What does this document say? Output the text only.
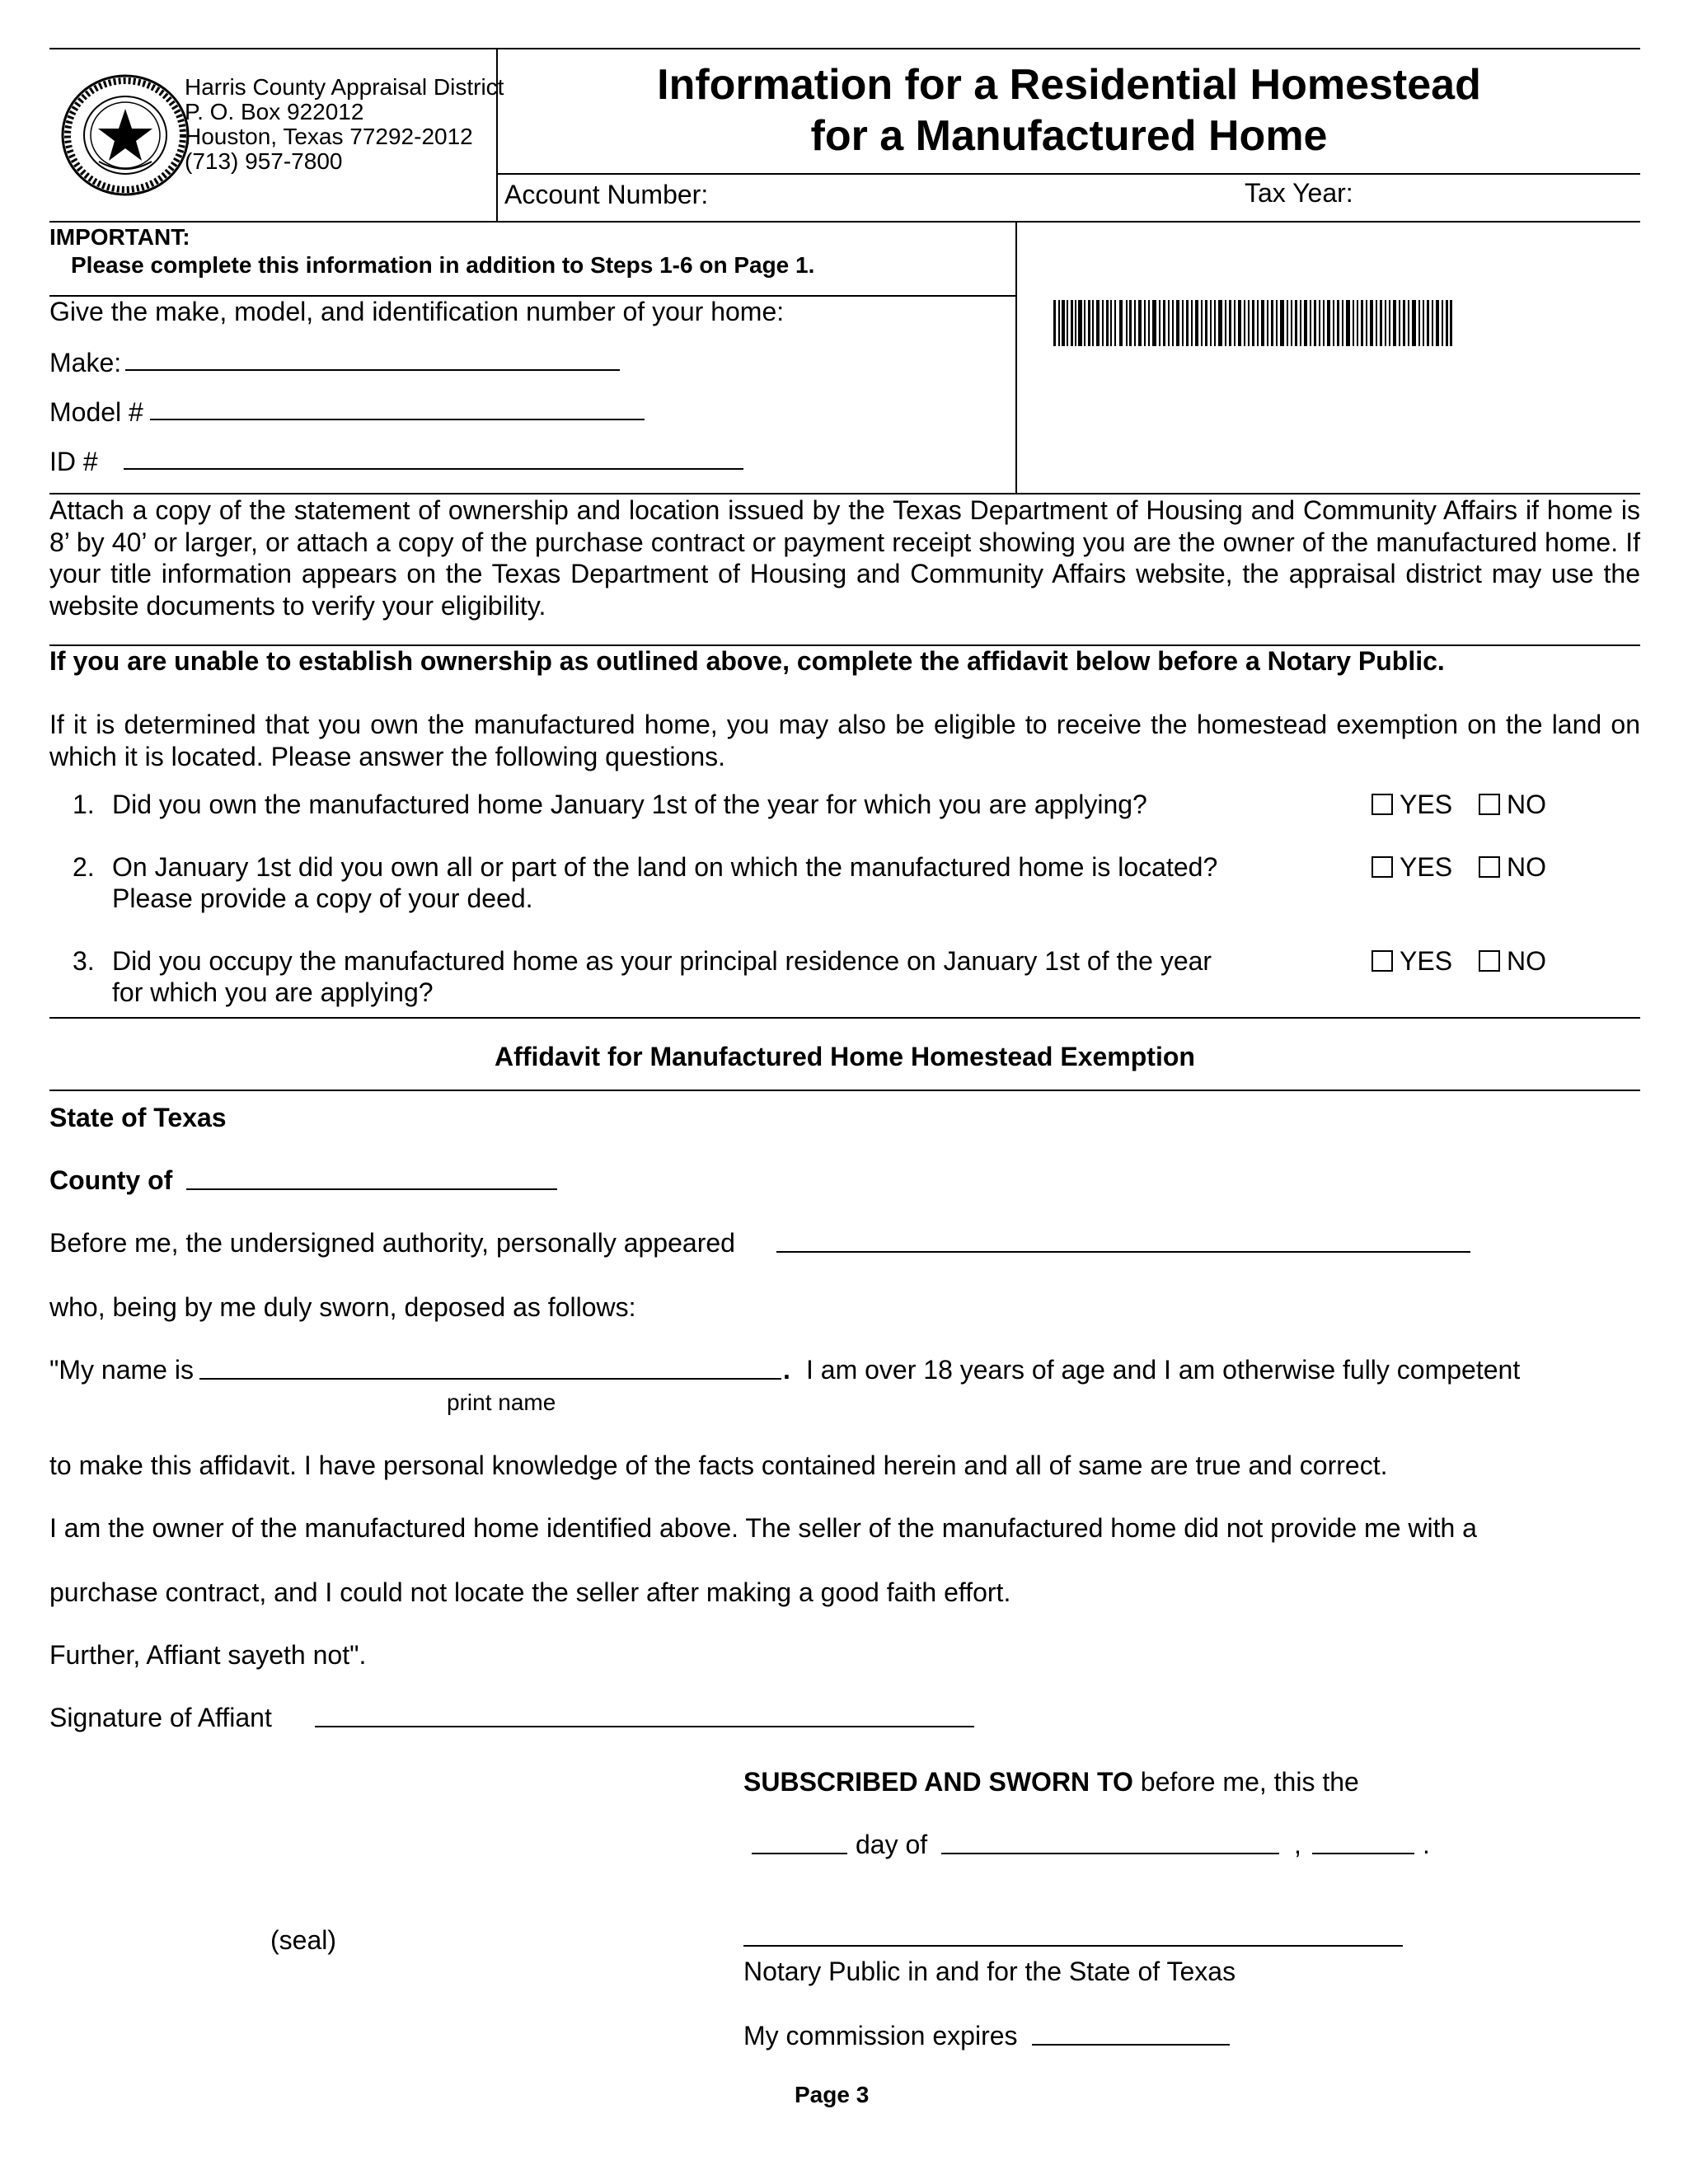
Harris County Appraisal District
P. O. Box 922012
Houston, Texas 77292-2012
(713) 957-7800
Information for a Residential Homestead
for a Manufactured Home
Account Number:	Tax Year:
IMPORTANT:
Please complete this information in addition to Steps 1-6 on Page 1.
Give the make, model, and identification number of your home:
Make:
Model #
ID #
Attach a copy of the statement of ownership and location issued by the Texas Department of Housing and Community Affairs if home is 8’ by 40’ or larger, or attach a copy of the purchase contract or payment receipt showing you are the owner of the manufactured home. If your title information appears on the Texas Department of Housing and Community Affairs website, the appraisal district may use the website documents to verify your eligibility.
If you are unable to establish ownership as outlined above, complete the affidavit below before a Notary Public.
If it is determined that you own the manufactured home, you may also be eligible to receive the homestead exemption on the land on which it is located. Please answer the following questions.
1. Did you own the manufactured home January 1st of the year for which you are applying?	YES	NO
2. On January 1st did you own all or part of the land on which the manufactured home is located?
Please provide a copy of your deed.
YES	NO
3. Did you occupy the manufactured home as your principal residence on January 1st of the year
for which you are applying?
YES	NO
Affidavit for Manufactured Home Homestead Exemption
State of Texas
County of
Before me, the undersigned authority, personally appeared
who, being by me duly sworn, deposed as follows:
"My name is	. I am over 18 years of age and I am otherwise fully competent
print name
to make this affidavit. I have personal knowledge of the facts contained herein and all of same are true and correct.
I am the owner of the manufactured home identified above. The seller of the manufactured home did not provide me with a
purchase contract, and I could not locate the seller after making a good faith effort.
Further, Affiant sayeth not".
Signature of Affiant
SUBSCRIBED AND SWORN TO before me, this the
day of	,	.
(seal)
Notary Public in and for the State of Texas
My commission expires
Page 3
